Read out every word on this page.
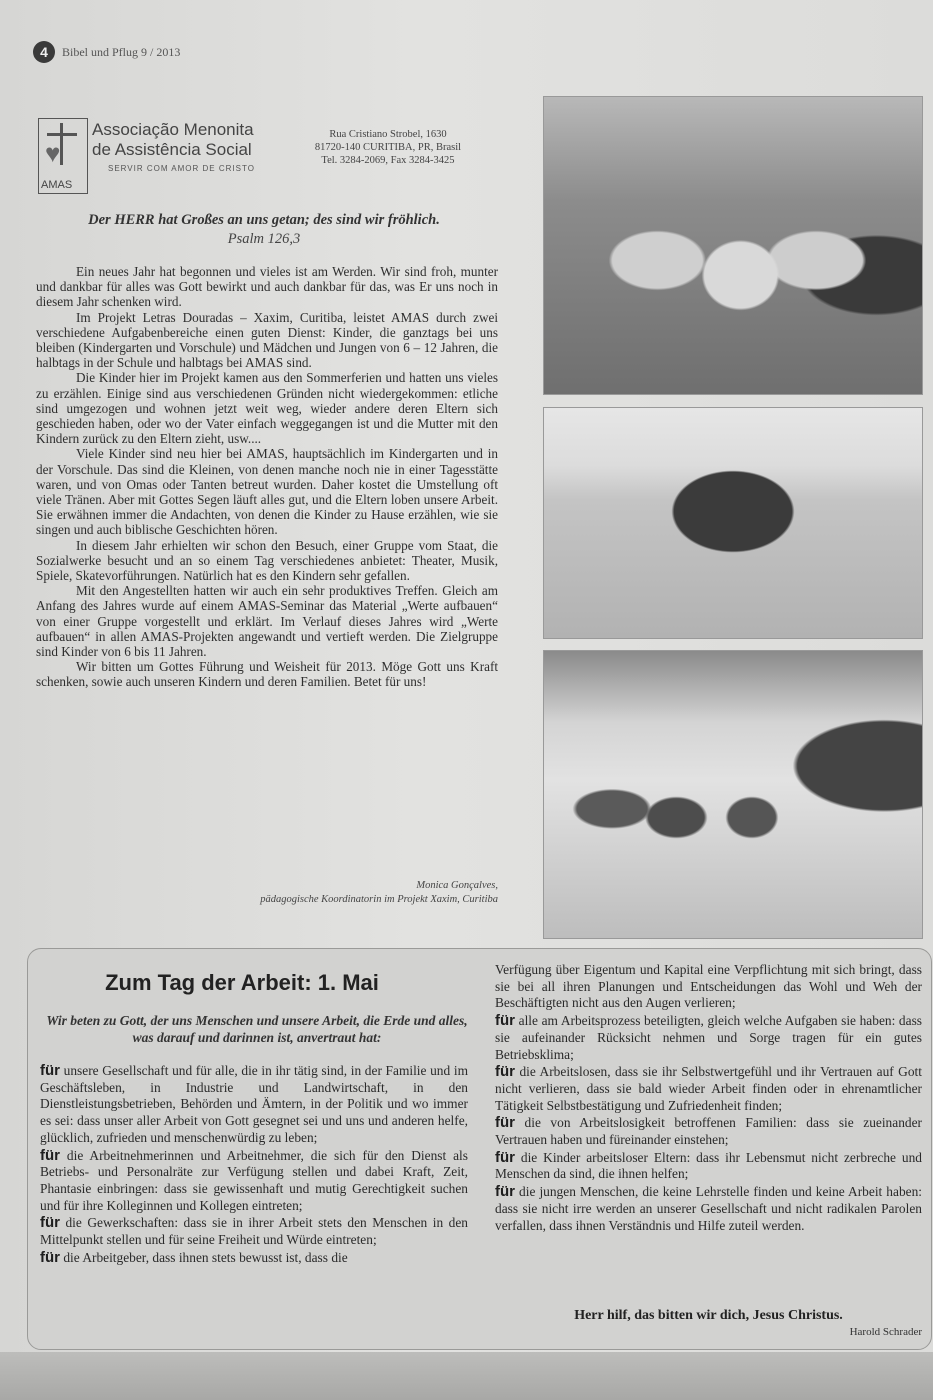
4	Bibel und Pflug 9 / 2013
♥
AMAS
Associação Menonita
de Assistência Social
SERVIR COM AMOR DE CRISTO
Rua Cristiano Strobel, 1630
81720-140 CURITIBA, PR, Brasil
Tel. 3284-2069, Fax 3284-3425
Der HERR hat Großes an uns getan; des sind wir fröhlich.
Psalm 126,3

Ein neues Jahr hat begonnen und vieles ist am Werden. Wir sind froh, munter und dankbar für alles was Gott bewirkt und auch dankbar für das, was Er uns noch in diesem Jahr schenken wird.

Im Projekt Letras Douradas – Xaxim, Curitiba, leistet AMAS durch zwei verschiedene Aufgabenbereiche einen guten Dienst: Kinder, die ganztags bei uns bleiben (Kindergarten und Vorschule) und Mädchen und Jungen von 6 – 12 Jahren, die halbtags in der Schule und halbtags bei AMAS sind.

Die Kinder hier im Projekt kamen aus den Sommerferien und hatten uns vieles zu erzählen. Einige sind aus verschiedenen Gründen nicht wiedergekommen: etliche sind umgezogen und wohnen jetzt weit weg, wieder andere deren Eltern sich geschieden haben, oder wo der Vater einfach weggegangen ist und die Mutter mit den Kindern zurück zu den Eltern zieht, usw....

Viele Kinder sind neu hier bei AMAS, hauptsächlich im Kindergarten und in der Vorschule. Das sind die Kleinen, von denen manche noch nie in einer Tagesstätte waren, und von Omas oder Tanten betreut wurden. Daher kostet die Umstellung oft viele Tränen. Aber mit Gottes Segen läuft alles gut, und die Eltern loben unsere Arbeit. Sie erwähnen immer die Andachten, von denen die Kinder zu Hause erzählen, wie sie singen und auch biblische Geschichten hören.

In diesem Jahr erhielten wir schon den Besuch, einer Gruppe vom Staat, die Sozialwerke besucht und an so einem Tag verschiedenes anbietet: Theater, Musik, Spiele, Skatevorführungen. Natürlich hat es den Kindern sehr gefallen.

Mit den Angestellten hatten wir auch ein sehr produktives Treffen. Gleich am Anfang des Jahres wurde auf einem AMAS-Seminar das Material „Werte aufbauen“ von einer Gruppe vorgestellt und erklärt. Im Verlauf dieses Jahres wird „Werte aufbauen“ in allen AMAS-Projekten angewandt und vertieft werden. Die Zielgruppe sind Kinder von 6 bis 11 Jahren.

Wir bitten um Gottes Führung und Weisheit für 2013. Möge Gott uns Kraft schenken, sowie auch unseren Kindern und deren Familien. Betet für uns!

Monica Gonçalves,
pädagogische Koordinatorin im Projekt Xaxim, Curitiba
Zum Tag der Arbeit: 1. Mai
Wir beten zu Gott, der uns Menschen und unsere Arbeit, die Erde und alles, was darauf und darinnen ist, anvertraut hat:

für unsere Gesellschaft und für alle, die in ihr tätig sind, in der Familie und im Geschäftsleben, in Industrie und Landwirtschaft, in den Dienstleistungsbetrieben, Behörden und Ämtern, in der Politik und wo immer es sei: dass unser aller Arbeit von Gott gesegnet sei und uns und anderen helfe, glücklich, zufrieden und menschenwürdig zu leben;

für die Arbeitnehmerinnen und Arbeitnehmer, die sich für den Dienst als Betriebs- und Personalräte zur Verfügung stellen und dabei Kraft, Zeit, Phantasie einbringen: dass sie gewissenhaft und mutig Gerechtigkeit suchen und für ihre Kolleginnen und Kollegen eintreten;

für die Gewerkschaften: dass sie in ihrer Arbeit stets den Menschen in den Mittelpunkt stellen und für seine Freiheit und Würde eintreten;

für die Arbeitgeber, dass ihnen stets bewusst ist, dass die

Verfügung über Eigentum und Kapital eine Verpflichtung mit sich bringt, dass sie bei all ihren Planungen und Entscheidungen das Wohl und Weh der Beschäftigten nicht aus den Augen verlieren;

für alle am Arbeitsprozess beteiligten, gleich welche Aufgaben sie haben: dass sie aufeinander Rücksicht nehmen und Sorge tragen für ein gutes Betriebsklima;

für die Arbeitslosen, dass sie ihr Selbstwertgefühl und ihr Vertrauen auf Gott nicht verlieren, dass sie bald wieder Arbeit finden oder in ehrenamtlicher Tätigkeit Selbstbestätigung und Zufriedenheit finden;

für die von Arbeitslosigkeit betroffenen Familien: dass sie zueinander Vertrauen haben und füreinander einstehen;

für die Kinder arbeitsloser Eltern: dass ihr Lebensmut nicht zerbreche und Menschen da sind, die ihnen helfen;

für die jungen Menschen, die keine Lehrstelle finden und keine Arbeit haben: dass sie nicht irre werden an unserer Gesellschaft und nicht radikalen Parolen verfallen, dass ihnen Verständnis und Hilfe zuteil werden.

Herr hilf, das bitten wir dich, Jesus Christus.
Harold Schrader
